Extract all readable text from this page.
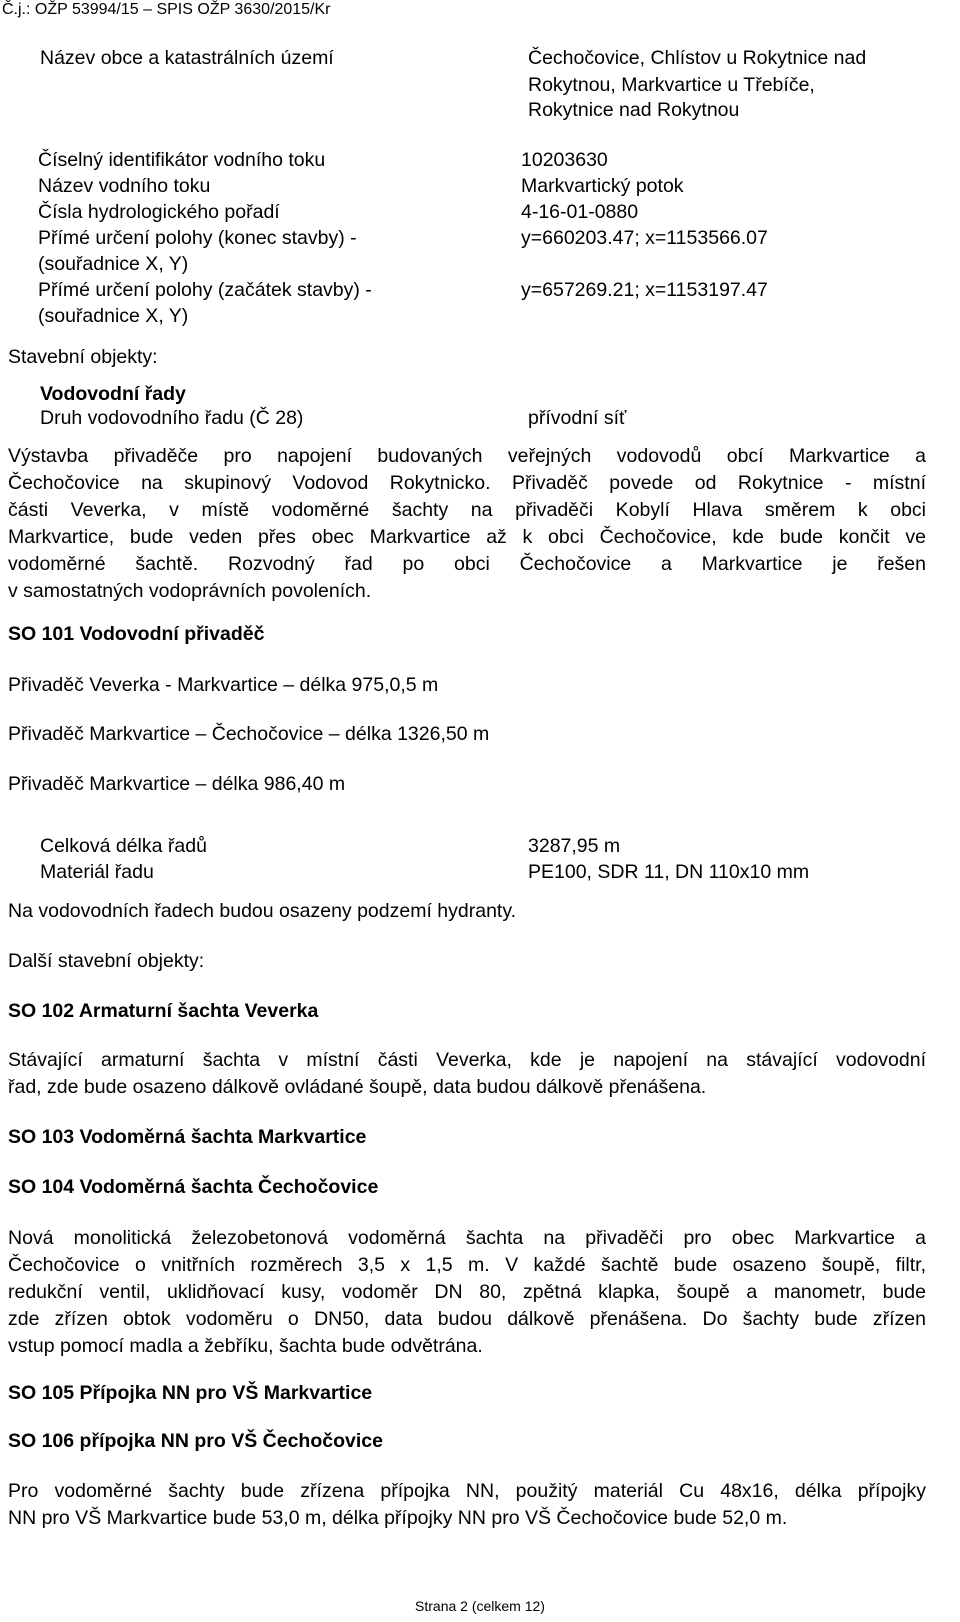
Č.j.: OŽP 53994/15 – SPIS OŽP 3630/2015/Kr
Název obce a katastrálních území	Čechočovice, Chlístov u Rokytnice nad
Rokytnou, Markvartice u Třebíče,
Rokytnice nad Rokytnou
Číselný identifikátor vodního toku	10203630
Název vodního toku	Markvartický potok
Čísla hydrologického pořadí	4-16-01-0880
Přímé určení polohy (konec stavby) -	y=660203.47; x=1153566.07
(souřadnice X, Y)
Přímé určení polohy (začátek stavby) -	y=657269.21; x=1153197.47
(souřadnice X, Y)
Stavební objekty:
Vodovodní řady
Druh vodovodního řadu (Č 28)	přívodní síť
Výstavba přivaděče pro napojení budovaných veřejných vodovodů obcí Markvartice a
Čechočovice na skupinový Vodovod Rokytnicko. Přivaděč povede od Rokytnice - místní
části Veverka, v místě vodoměrné šachty na přivaděči Kobylí Hlava směrem k obci
Markvartice, bude veden přes obec Markvartice až k obci Čechočovice, kde bude končit ve
vodoměrné šachtě. Rozvodný řad po obci Čechočovice a Markvartice je řešen
v samostatných vodoprávních povoleních.
SO 101 Vodovodní přivaděč
Přivaděč Veverka - Markvartice – délka 975,0,5 m
Přivaděč Markvartice – Čechočovice – délka 1326,50 m
Přivaděč Markvartice – délka 986,40 m
Celková délka řadů	3287,95 m
Materiál řadu	PE100, SDR 11, DN 110x10 mm
Na vodovodních řadech budou osazeny podzemí hydranty.
Další stavební objekty:
SO 102 Armaturní šachta Veverka
Stávající armaturní šachta v místní části Veverka, kde je napojení na stávající vodovodní
řad, zde bude osazeno dálkově ovládané šoupě, data budou dálkově přenášena.
SO 103 Vodoměrná šachta Markvartice
SO 104 Vodoměrná šachta Čechočovice
Nová monolitická železobetonová vodoměrná šachta na přivaděči pro obec Markvartice a
Čechočovice o vnitřních rozměrech 3,5 x 1,5 m. V každé šachtě bude osazeno šoupě, filtr,
redukční ventil, uklidňovací kusy, vodoměr DN 80, zpětná klapka, šoupě a manometr, bude
zde zřízen obtok vodoměru o DN50, data budou dálkově přenášena. Do šachty bude zřízen
vstup pomocí madla a žebříku, šachta bude odvětrána.
SO 105 Přípojka NN pro VŠ Markvartice
SO 106 přípojka NN pro VŠ Čechočovice
Pro vodoměrné šachty bude zřízena přípojka NN, použitý materiál Cu 48x16, délka přípojky
NN pro VŠ Markvartice bude 53,0 m, délka přípojky NN pro VŠ Čechočovice bude 52,0 m.
Strana 2 (celkem 12)
